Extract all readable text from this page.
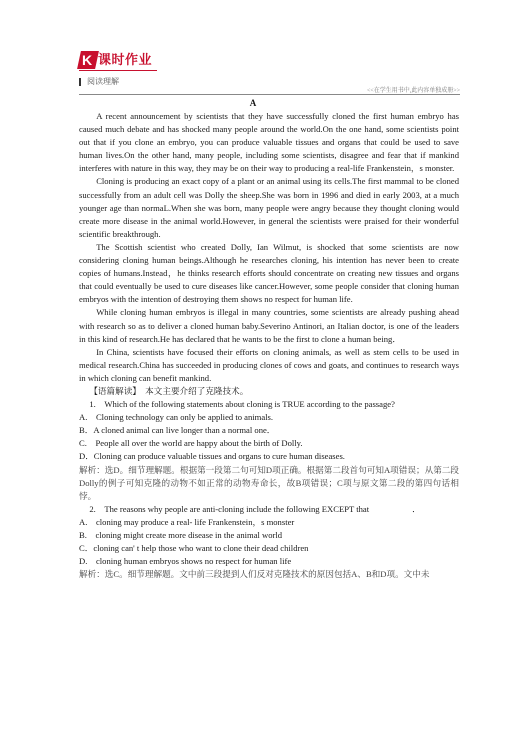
K 课时作业
阅读理解
<<在学生用书中,此内容单独成册>>
A

A recent announcement by scientists that they have successfully cloned the first human embryo has caused much debate and has shocked many people around the world.On the one hand, some scientists point out that if you clone an embryo, you can produce valuable tissues and organs that could be used to save human lives.On the other hand, many people, including some scientists, disagree and fear that if mankind interferes with nature in this way, they may be on their way to producing a real-life Frankenstein，s monster.

Cloning is producing an exact copy of a plant or an animal using its cells.The first mammal to be cloned successfully from an adult cell was Dolly the sheep.She was born in 1996 and died in early 2003, at a much younger age than normaL.When she was born, many people were angry because they thought cloning would create more disease in the animal world.However, in general the scientists were praised for their wonderful scientific breakthrough.

The Scottish scientist who created Dolly, Ian Wilmut, is shocked that some scientists are now considering cloning human beings.Although he researches cloning, his intention has never been to create copies of humans.Instead，he thinks research efforts should concentrate on creating new tissues and organs that could eventually be used to cure diseases like cancer.However, some people consider that cloning human embryos with the intention of destroying them shows no respect for human life.

While cloning human embryos is illegal in many countries, some scientists are already pushing ahead with research so as to deliver a cloned human baby.Severino Antinori, an Italian doctor, is one of the leaders in this kind of research.He has declared that he wants to be the first to clone a human being．

In China, scientists have focused their efforts on cloning animals, as well as stem cells to be used in medical research.China has succeeded in producing clones of cows and goats, and continues to research ways in which cloning can benefit mankind.

【语篇解读】　本文主要介绍了克隆技术。

1.　Which of the following statements about cloning is TRUE according to the passage?

A.　Cloning technology can only be applied to animals.

B．A cloned animal can live longer than a normal one．

C.　People all over the world are happy about the birth of Dolly.

D．Cloning can produce valuable tissues and organs to cure human diseases.

解析：选D。细节理解题。根据第一段第二句可知D项正确。根据第二段首句可知A项错误；从第二段Dolly的例子可知克隆的动物不如正常的动物寿命长，故B项错误；C项与原文第二段的第四句话相悖。

2.　The reasons why people are anti-cloning include the following EXCEPT that　　　　　．

A.　cloning may produce a real- life Frankenstein，s monster

B.　cloning might create more disease in the animal world

C．cloning can' t help those who want to clone their dead children

D.　cloning human embryos shows no respect for human life

解析：选C。细节理解题。文中前三段提到人们反对克隆技术的原因包括A、B和D项。文中未
